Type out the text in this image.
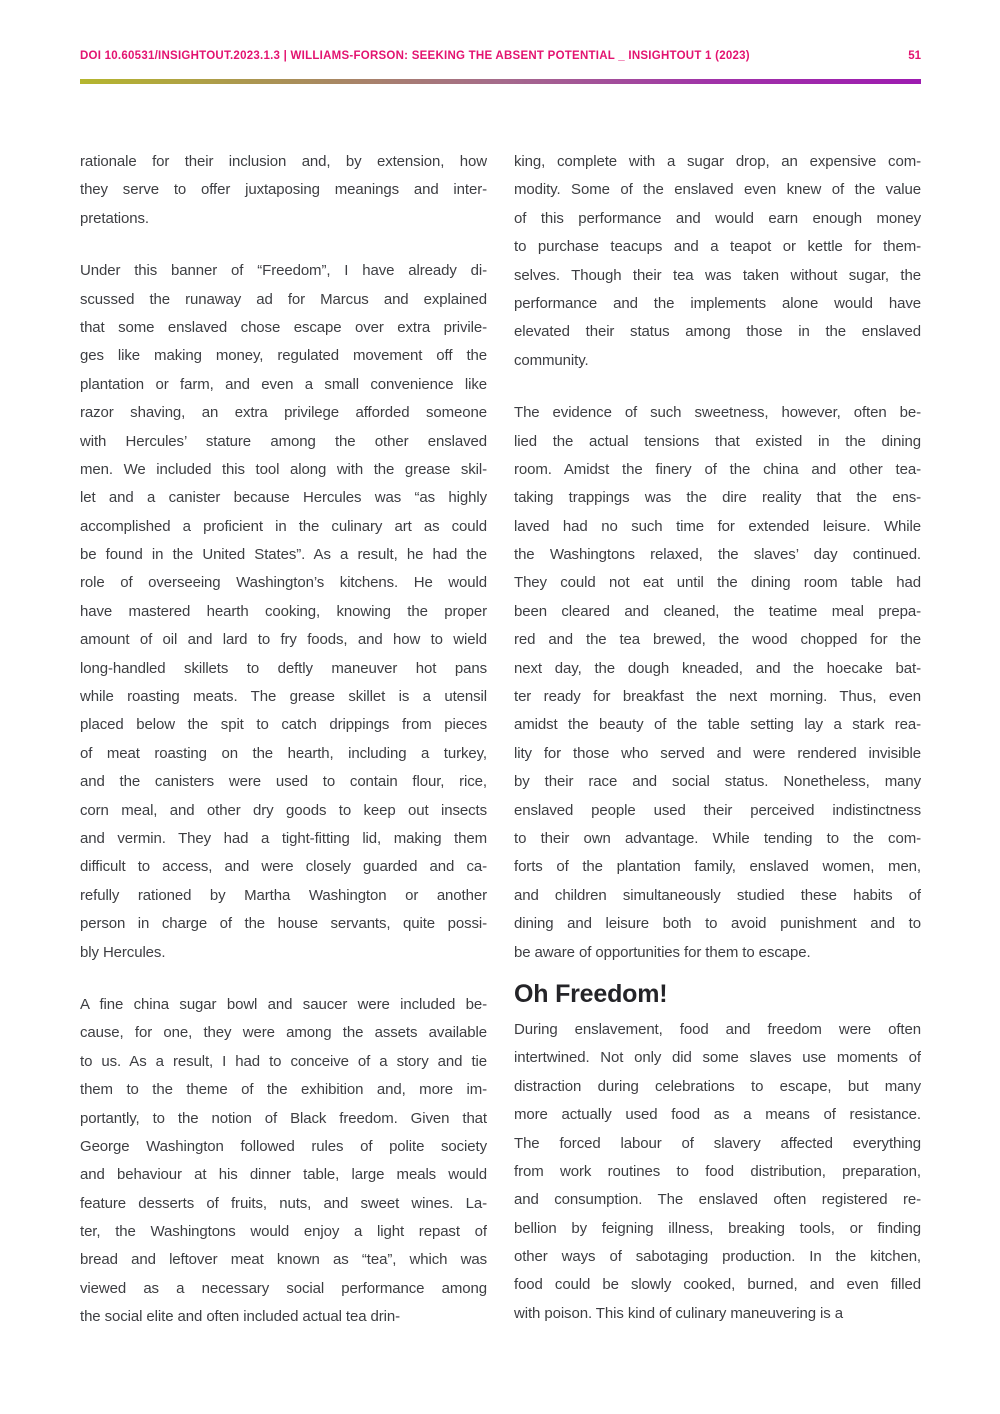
DOI 10.60531/INSIGHTOUT.2023.1.3 | WILLIAMS-FORSON: SEEKING THE ABSENT POTENTIAL _ INSIGHTOUT 1 (2023)	51
rationale for their inclusion and, by extension, how
they serve to offer juxtaposing meanings and inter-
pretations.
Under this banner of “Freedom”, I have already di-
scussed the runaway ad for Marcus and explained
that some enslaved chose escape over extra privile-
ges like making money, regulated movement off the
plantation or farm, and even a small convenience like
razor shaving, an extra privilege afforded someone
with Hercules’ stature among the other enslaved
men. We included this tool along with the grease skil-
let and a canister because Hercules was “as highly
accomplished a proficient in the culinary art as could
be found in the United States”. As a result, he had the
role of overseeing Washington’s kitchens. He would
have mastered hearth cooking, knowing the proper
amount of oil and lard to fry foods, and how to wield
long-handled skillets to deftly maneuver hot pans
while roasting meats. The grease skillet is a utensil
placed below the spit to catch drippings from pieces
of meat roasting on the hearth, including a turkey,
and the canisters were used to contain flour, rice,
corn meal, and other dry goods to keep out insects
and vermin. They had a tight-fitting lid, making them
difficult to access, and were closely guarded and ca-
refully rationed by Martha Washington or another
person in charge of the house servants, quite possi-
bly Hercules.
A fine china sugar bowl and saucer were included be-
cause, for one, they were among the assets available
to us. As a result, I had to conceive of a story and tie
them to the theme of the exhibition and, more im-
portantly, to the notion of Black freedom. Given that
George Washington followed rules of polite society
and behaviour at his dinner table, large meals would
feature desserts of fruits, nuts, and sweet wines. La-
ter, the Washingtons would enjoy a light repast of
bread and leftover meat known as “tea”, which was
viewed as a necessary social performance among
the social elite and often included actual tea drin-
king, complete with a sugar drop, an expensive com-
modity. Some of the enslaved even knew of the value
of this performance and would earn enough money
to purchase teacups and a teapot or kettle for them-
selves. Though their tea was taken without sugar, the
performance and the implements alone would have
elevated their status among those in the enslaved
community.
The evidence of such sweetness, however, often be-
lied the actual tensions that existed in the dining
room. Amidst the finery of the china and other tea-
taking trappings was the dire reality that the ens-
laved had no such time for extended leisure. While
the Washingtons relaxed, the slaves’ day continued.
They could not eat until the dining room table had
been cleared and cleaned, the teatime meal prepa-
red and the tea brewed, the wood chopped for the
next day, the dough kneaded, and the hoecake bat-
ter ready for breakfast the next morning. Thus, even
amidst the beauty of the table setting lay a stark rea-
lity for those who served and were rendered invisible
by their race and social status. Nonetheless, many
enslaved people used their perceived indistinctness
to their own advantage. While tending to the com-
forts of the plantation family, enslaved women, men,
and children simultaneously studied these habits of
dining and leisure both to avoid punishment and to
be aware of opportunities for them to escape.
Oh Freedom!
During enslavement, food and freedom were often
intertwined. Not only did some slaves use moments of
distraction during celebrations to escape, but many
more actually used food as a means of resistance.
The forced labour of slavery affected everything
from work routines to food distribution, preparation,
and consumption. The enslaved often registered re-
bellion by feigning illness, breaking tools, or finding
other ways of sabotaging production. In the kitchen,
food could be slowly cooked, burned, and even filled
with poison. This kind of culinary maneuvering is a
